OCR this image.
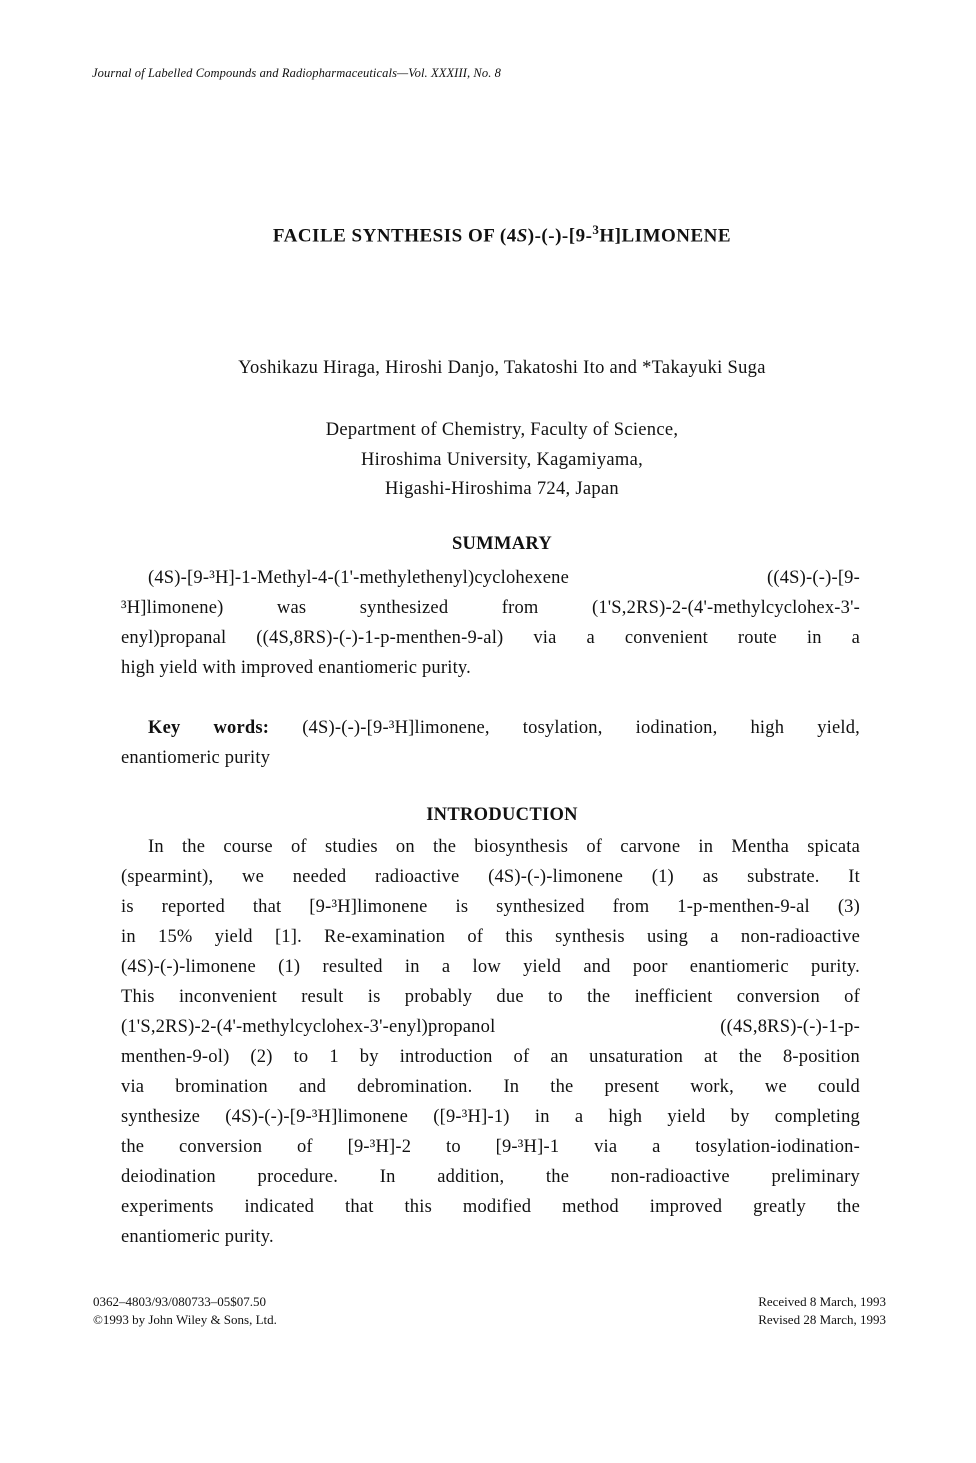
Journal of Labelled Compounds and Radiopharmaceuticals—Vol. XXXIII, No. 8
FACILE SYNTHESIS OF (4S)-(-)-[9-$^3$H]LIMONENE
Yoshikazu Hiraga, Hiroshi Danjo, Takatoshi Ito and *Takayuki Suga
Department of Chemistry, Faculty of Science,
Hiroshima University, Kagamiyama,
Higashi-Hiroshima 724, Japan
SUMMARY
(4S)-[9-³H]-1-Methyl-4-(1'-methylethenyl)cyclohexene ((4S)-(-)-[9-
³H]limonene) was synthesized from (1'S,2RS)-2-(4'-methylcyclohex-3'-
enyl)propanal ((4S,8RS)-(-)-1-p-menthen-9-al) via a convenient route in a
high yield with improved enantiomeric purity.
Key words: (4S)-(-)-[9-³H]limonene, tosylation, iodination, high yield,
enantiomeric purity
INTRODUCTION
In the course of studies on the biosynthesis of carvone in Mentha spicata
(spearmint), we needed radioactive (4S)-(-)-limonene (1) as substrate. It
is reported that [9-³H]limonene is synthesized from 1-p-menthen-9-al (3)
in 15% yield [1]. Re-examination of this synthesis using a non-radioactive
(4S)-(-)-limonene (1) resulted in a low yield and poor enantiomeric purity.
This inconvenient result is probably due to the inefficient conversion of
(1'S,2RS)-2-(4'-methylcyclohex-3'-enyl)propanol ((4S,8RS)-(-)-1-p-
menthen-9-ol) (2) to 1 by introduction of an unsaturation at the 8-position
via bromination and debromination. In the present work, we could
synthesize (4S)-(-)-[9-³H]limonene ([9-³H]-1) in a high yield by completing
the conversion of [9-³H]-2 to [9-³H]-1 via a tosylation-iodination-
deiodination procedure. In addition, the non-radioactive preliminary
experiments indicated that this modified method improved greatly the
enantiomeric purity.
0362–4803/93/080733–05$07.50
©1993 by John Wiley & Sons, Ltd.
Received 8 March, 1993
Revised 28 March, 1993
